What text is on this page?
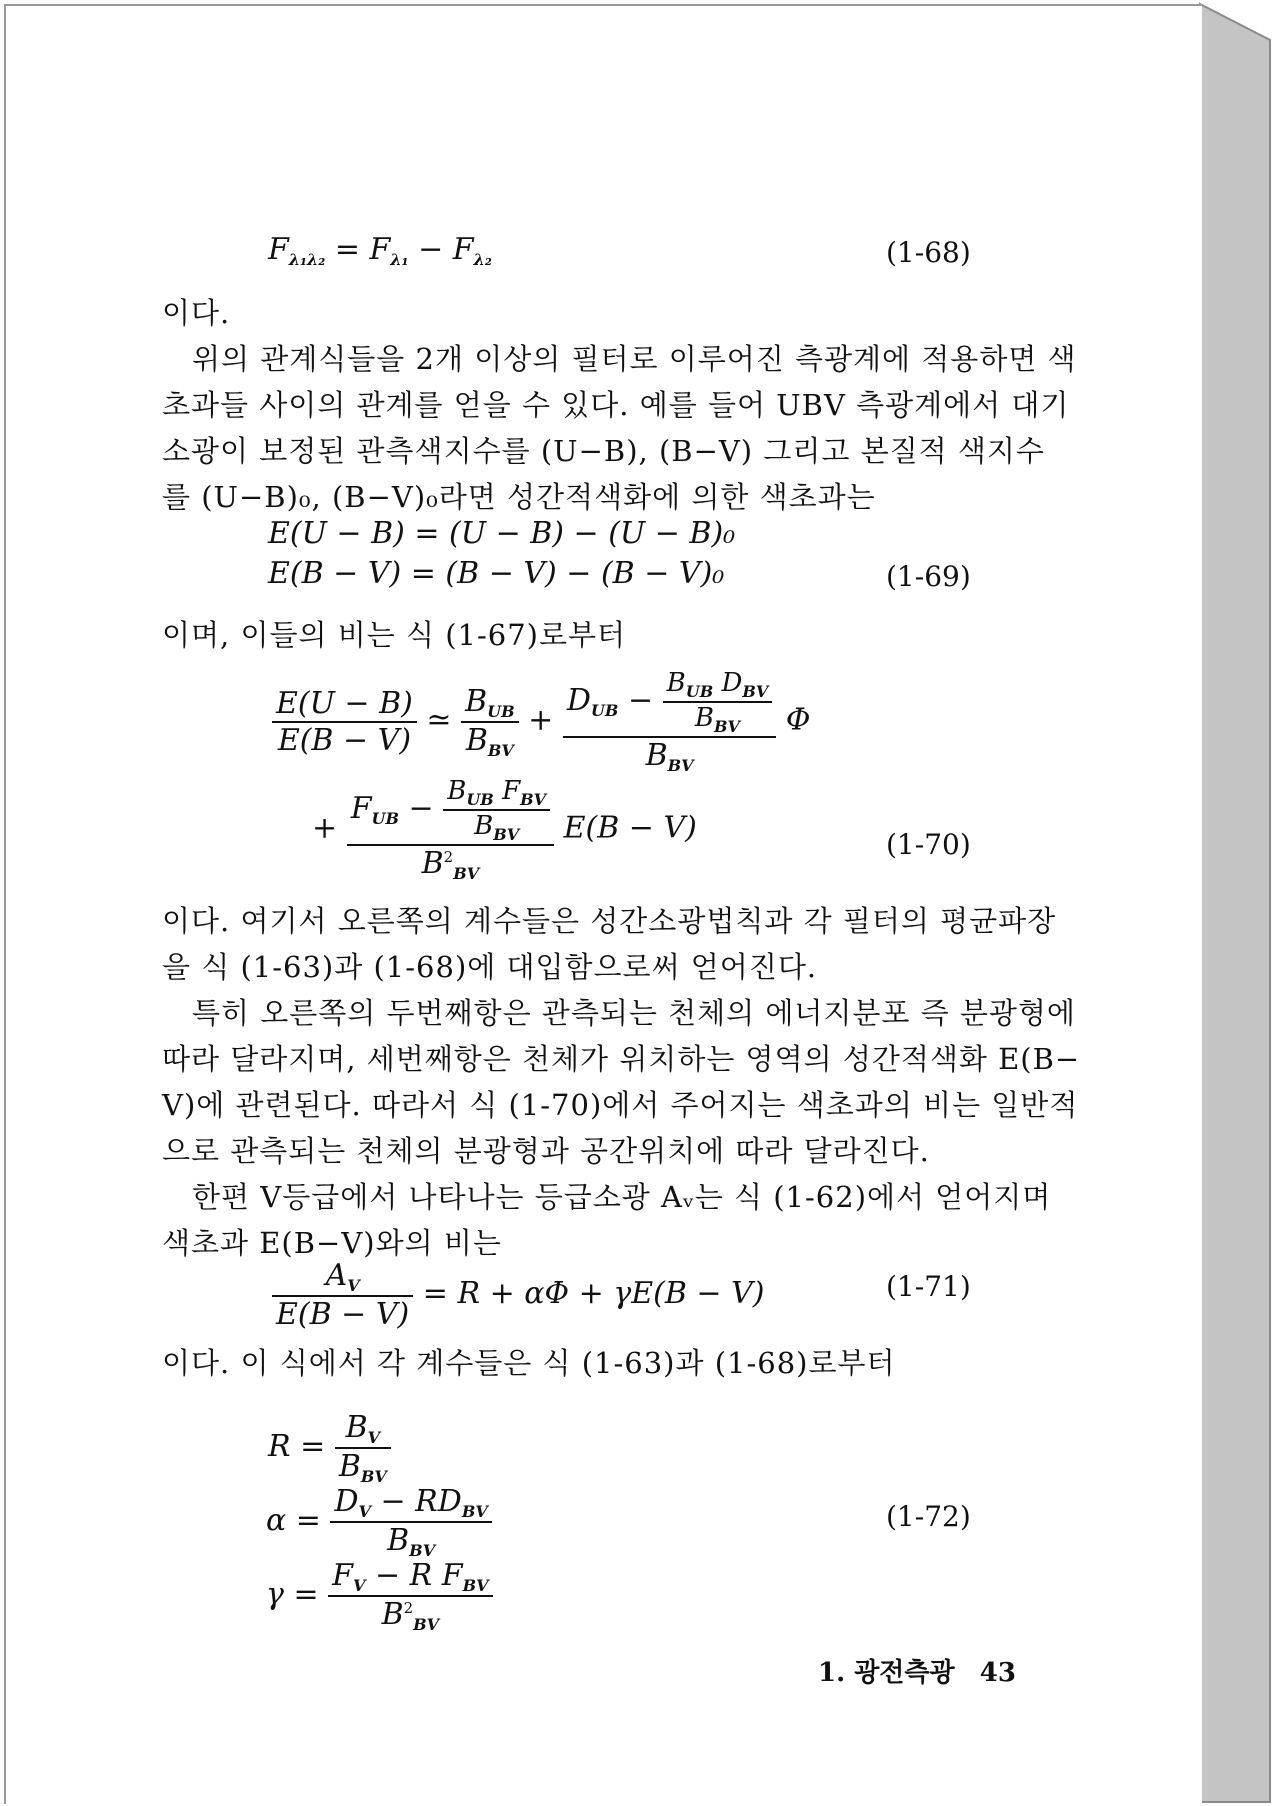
$F_{\lambda_1\lambda_2} = F_{\lambda_1} - F_{\lambda_2}$	(1-68)
이다.
위의 관계식들을 2개 이상의 필터로 이루어진 측광계에 적용하면 색
초과들 사이의 관계를 얻을 수 있다. 예를 들어 UBV 측광계에서 대기
소광이 보정된 관측색지수를 (U−B), (B−V) 그리고 본질적 색지수
를 (U−B)₀, (B−V)₀라면 성간적색화에 의한 색초과는
E(U − B) = (U − B) − (U − B)₀
E(B − V) = (B − V) − (B − V)₀	(1-69)
이며, 이들의 비는 식 (1-67)로부터
$\frac{E(U - B)}{E(B - V)}$ ≃ $\frac{B_{UB}}{B_{BV}} + \frac{D_{UB} - \frac{B_{UB} D_{BV}}{B_{BV}}}{B_{BV}}$ Φ
+ $\frac{F_{UB} - \frac{B_{UB} F_{BV}}{B_{BV}}}{B^2_{BV}} E(B - V)$	(1-70)
이다. 여기서 오른쪽의 계수들은 성간소광법칙과 각 필터의 평균파장
을 식 (1-63)과 (1-68)에 대입함으로써 얻어진다.
특히 오른쪽의 두번째항은 관측되는 천체의 에너지분포 즉 분광형에
따라 달라지며, 세번째항은 천체가 위치하는 영역의 성간적색화 E(B−
V)에 관련된다. 따라서 식 (1-70)에서 주어지는 색초과의 비는 일반적
으로 관측되는 천체의 분광형과 공간위치에 따라 달라진다.
한편 V등급에서 나타나는 등급소광 Aᵥ는 식 (1-62)에서 얻어지며
색초과 E(B−V)와의 비는
$\frac{A_V}{E(B - V)} = R + \alpha\Phi + \gamma E(B - V)$	(1-71)
이다. 이 식에서 각 계수들은 식 (1-63)과 (1-68)로부터
$R = \frac{B_V}{B_{BV}}$
$\alpha = \frac{D_V - RD_{BV}}{B_{BV}}$	(1-72)
$\gamma = \frac{F_V - R F_{BV}}{B^2_{BV}}$
1. 광전측광 43
